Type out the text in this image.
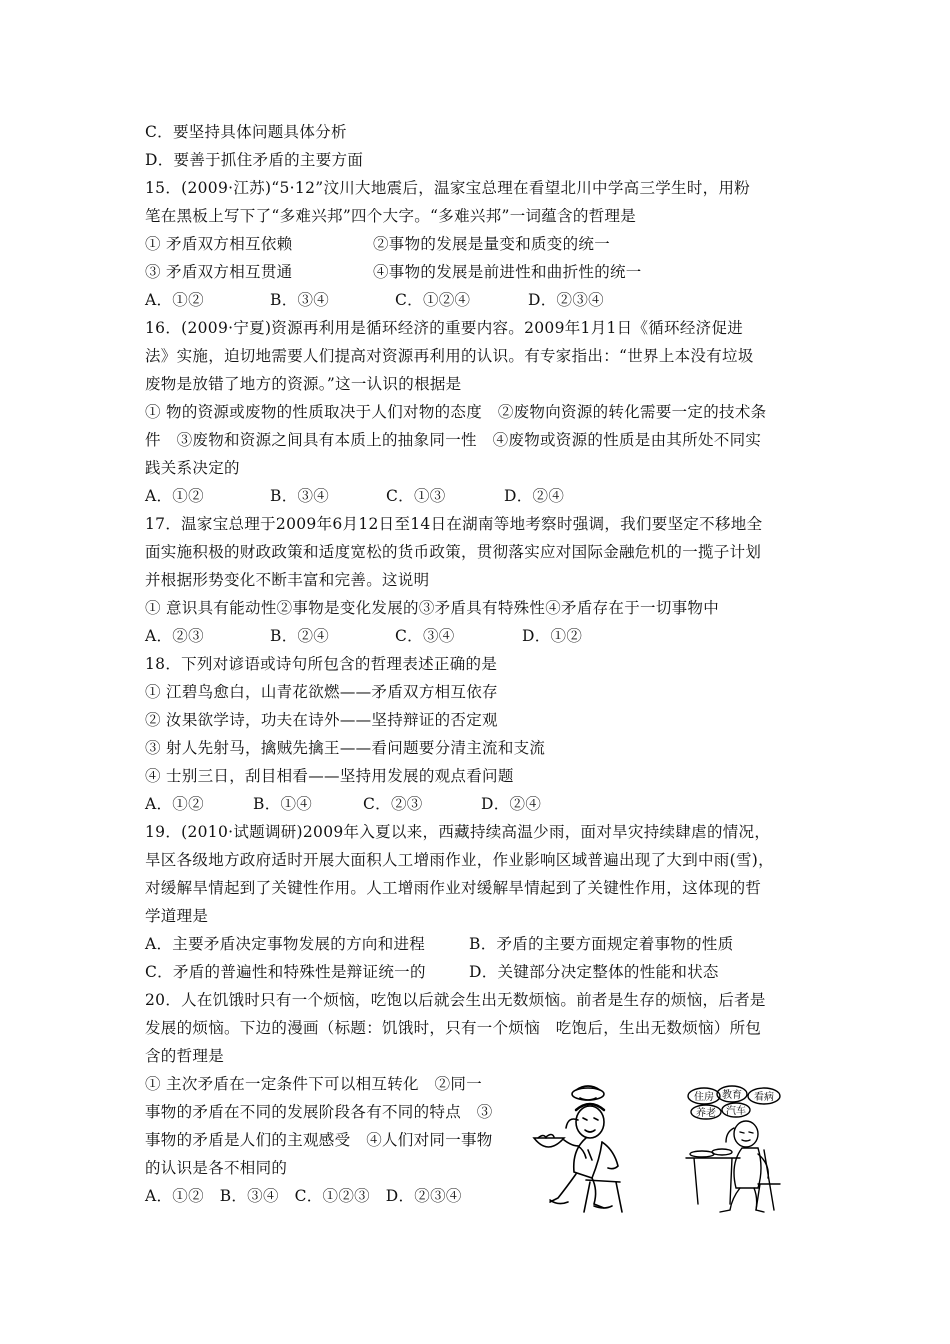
C．要坚持具体问题具体分析
D．要善于抓住矛盾的主要方面
15．(2009·江苏)“5·12”汶川大地震后，温家宝总理在看望北川中学高三学生时，用粉
笔在黑板上写下了“多难兴邦”四个大字。“多难兴邦”一词蕴含的哲理是
① 矛盾双方相互依赖	②事物的发展是量变和质变的统一
③ 矛盾双方相互贯通	④事物的发展是前进性和曲折性的统一
A．①②	B．③④	C．①②④	D．②③④
16．(2009·宁夏)资源再利用是循环经济的重要内容。2009年1月1日《循环经济促进
法》实施，迫切地需要人们提高对资源再利用的认识。有专家指出：“世界上本没有垃圾
废物是放错了地方的资源。”这一认识的根据是
① 物的资源或废物的性质取决于人们对物的态度　②废物向资源的转化需要一定的技术条
件　③废物和资源之间具有本质上的抽象同一性　④废物或资源的性质是由其所处不同实
践关系决定的
A．①②	B．③④	C．①③	D．②④
17．温家宝总理于2009年6月12日至14日在湖南等地考察时强调，我们要坚定不移地全
面实施积极的财政政策和适度宽松的货币政策，贯彻落实应对国际金融危机的一揽子计划
并根据形势变化不断丰富和完善。这说明
① 意识具有能动性②事物是变化发展的③矛盾具有特殊性④矛盾存在于一切事物中
A．②③	B．②④	C．③④	D．①②
18．下列对谚语或诗句所包含的哲理表述正确的是
① 江碧鸟愈白，山青花欲燃——矛盾双方相互依存
② 汝果欲学诗，功夫在诗外——坚持辩证的否定观
③ 射人先射马，擒贼先擒王——看问题要分清主流和支流
④ 士别三日，刮目相看——坚持用发展的观点看问题
A．①②	B．①④	C．②③	D．②④
19．(2010·试题调研)2009年入夏以来，西藏持续高温少雨，面对旱灾持续肆虐的情况，
旱区各级地方政府适时开展大面积人工增雨作业，作业影响区域普遍出现了大到中雨(雪)，
对缓解旱情起到了关键性作用。人工增雨作业对缓解旱情起到了关键性作用，这体现的哲
学道理是
A．主要矛盾决定事物发展的方向和进程	B．矛盾的主要方面规定着事物的性质
C．矛盾的普遍性和特殊性是辩证统一的	D．关键部分决定整体的性能和状态
20．人在饥饿时只有一个烦恼，吃饱以后就会生出无数烦恼。前者是生存的烦恼，后者是
发展的烦恼。下边的漫画（标题：饥饿时，只有一个烦恼　吃饱后，生出无数烦恼）所包
含的哲理是
① 主次矛盾在一定条件下可以相互转化　②同一
事物的矛盾在不同的发展阶段各有不同的特点　③
事物的矛盾是人们的主观感受　④人们对同一事物
的认识是各不相同的
A．①②　B．③④　C．①②③　D．②③④
住房 教育 看病
养老 汽车
